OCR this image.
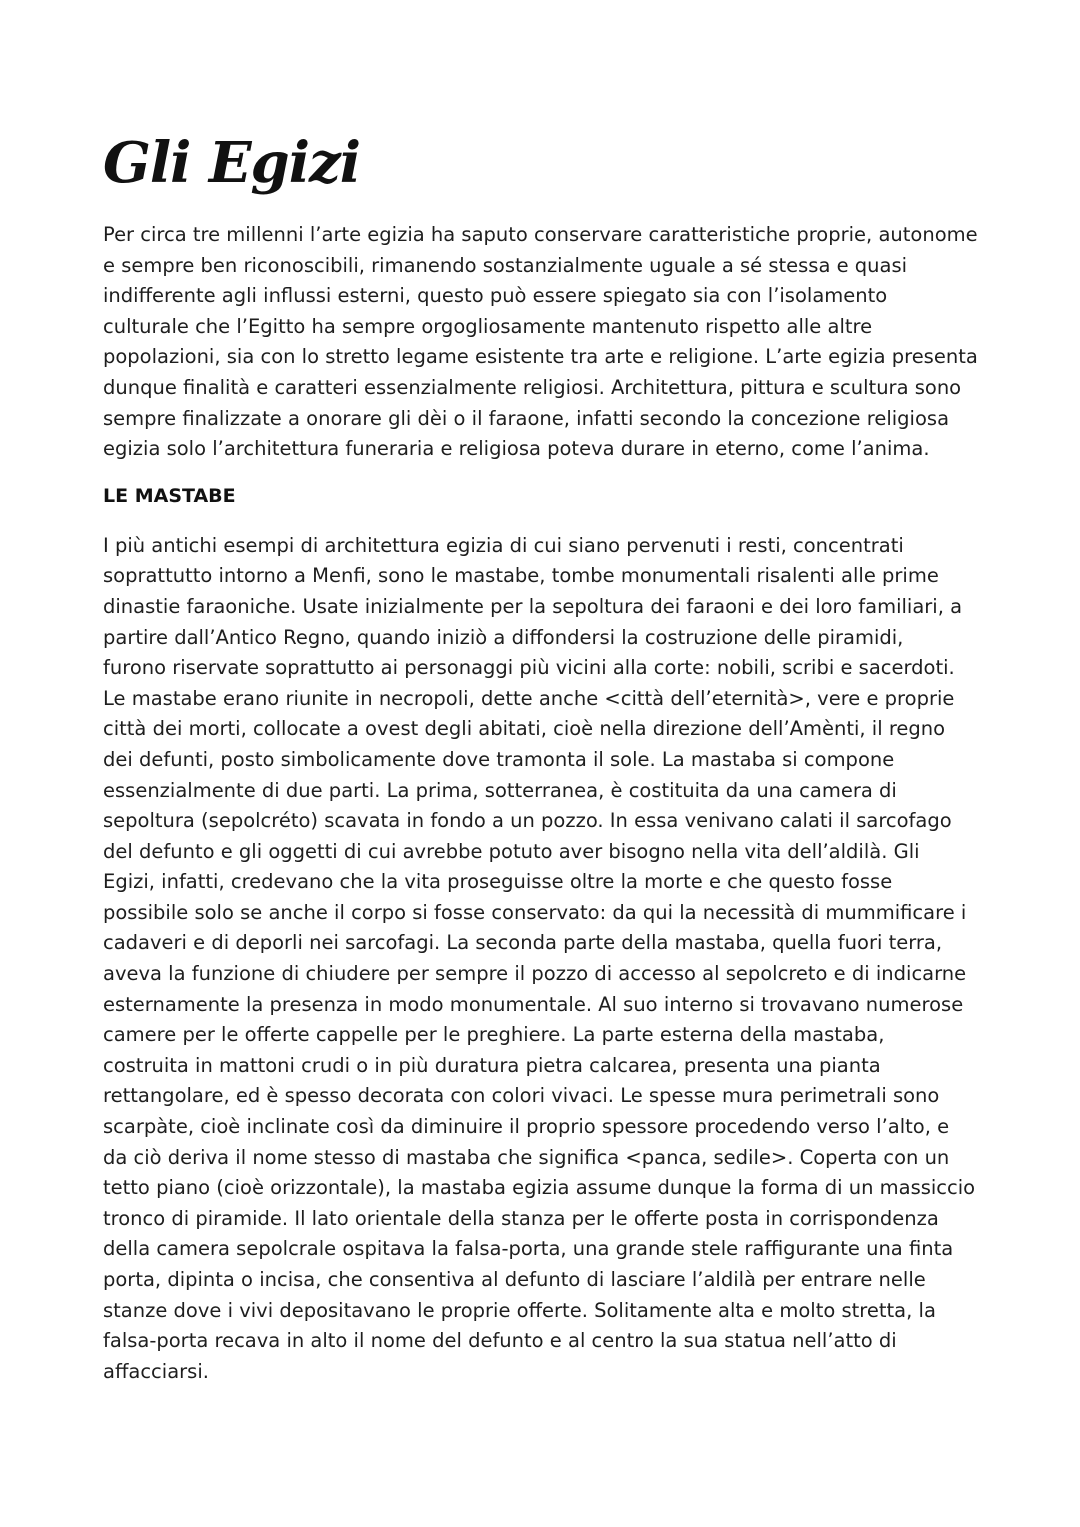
Gli Egizi

Per circa tre millenni l’arte egizia ha saputo conservare caratteristiche proprie, autonome
e sempre ben riconoscibili, rimanendo sostanzialmente uguale a sé stessa e quasi
indifferente agli influssi esterni, questo può essere spiegato sia con l’isolamento
culturale che l’Egitto ha sempre orgogliosamente mantenuto rispetto alle altre
popolazioni, sia con lo stretto legame esistente tra arte e religione. L’arte egizia presenta
dunque finalità e caratteri essenzialmente religiosi. Architettura, pittura e scultura sono
sempre finalizzate a onorare gli dèi o il faraone, infatti secondo la concezione religiosa
egizia solo l’architettura funeraria e religiosa poteva durare in eterno, come l’anima.

LE MASTABE

I più antichi esempi di architettura egizia di cui siano pervenuti i resti, concentrati
soprattutto intorno a Menfi, sono le mastabe, tombe monumentali risalenti alle prime
dinastie faraoniche. Usate inizialmente per la sepoltura dei faraoni e dei loro familiari, a
partire dall’Antico Regno, quando iniziò a diffondersi la costruzione delle piramidi,
furono riservate soprattutto ai personaggi più vicini alla corte: nobili, scribi e sacerdoti.
Le mastabe erano riunite in necropoli, dette anche <città dell’eternità>, vere e proprie
città dei morti, collocate a ovest degli abitati, cioè nella direzione dell’Amènti, il regno
dei defunti, posto simbolicamente dove tramonta il sole. La mastaba si compone
essenzialmente di due parti. La prima, sotterranea, è costituita da una camera di
sepoltura (sepolcréto) scavata in fondo a un pozzo. In essa venivano calati il sarcofago
del defunto e gli oggetti di cui avrebbe potuto aver bisogno nella vita dell’aldilà. Gli
Egizi, infatti, credevano che la vita proseguisse oltre la morte e che questo fosse
possibile solo se anche il corpo si fosse conservato: da qui la necessità di mummificare i
cadaveri e di deporli nei sarcofagi. La seconda parte della mastaba, quella fuori terra,
aveva la funzione di chiudere per sempre il pozzo di accesso al sepolcreto e di indicarne
esternamente la presenza in modo monumentale. Al suo interno si trovavano numerose
camere per le offerte cappelle per le preghiere. La parte esterna della mastaba,
costruita in mattoni crudi o in più duratura pietra calcarea, presenta una pianta
rettangolare, ed è spesso decorata con colori vivaci. Le spesse mura perimetrali sono
scarpàte, cioè inclinate così da diminuire il proprio spessore procedendo verso l’alto, e
da ciò deriva il nome stesso di mastaba che significa <panca, sedile>. Coperta con un
tetto piano (cioè orizzontale), la mastaba egizia assume dunque la forma di un massiccio
tronco di piramide. Il lato orientale della stanza per le offerte posta in corrispondenza
della camera sepolcrale ospitava la falsa-porta, una grande stele raffigurante una finta
porta, dipinta o incisa, che consentiva al defunto di lasciare l’aldilà per entrare nelle
stanze dove i vivi depositavano le proprie offerte. Solitamente alta e molto stretta, la
falsa-porta recava in alto il nome del defunto e al centro la sua statua nell’atto di
affacciarsi.
